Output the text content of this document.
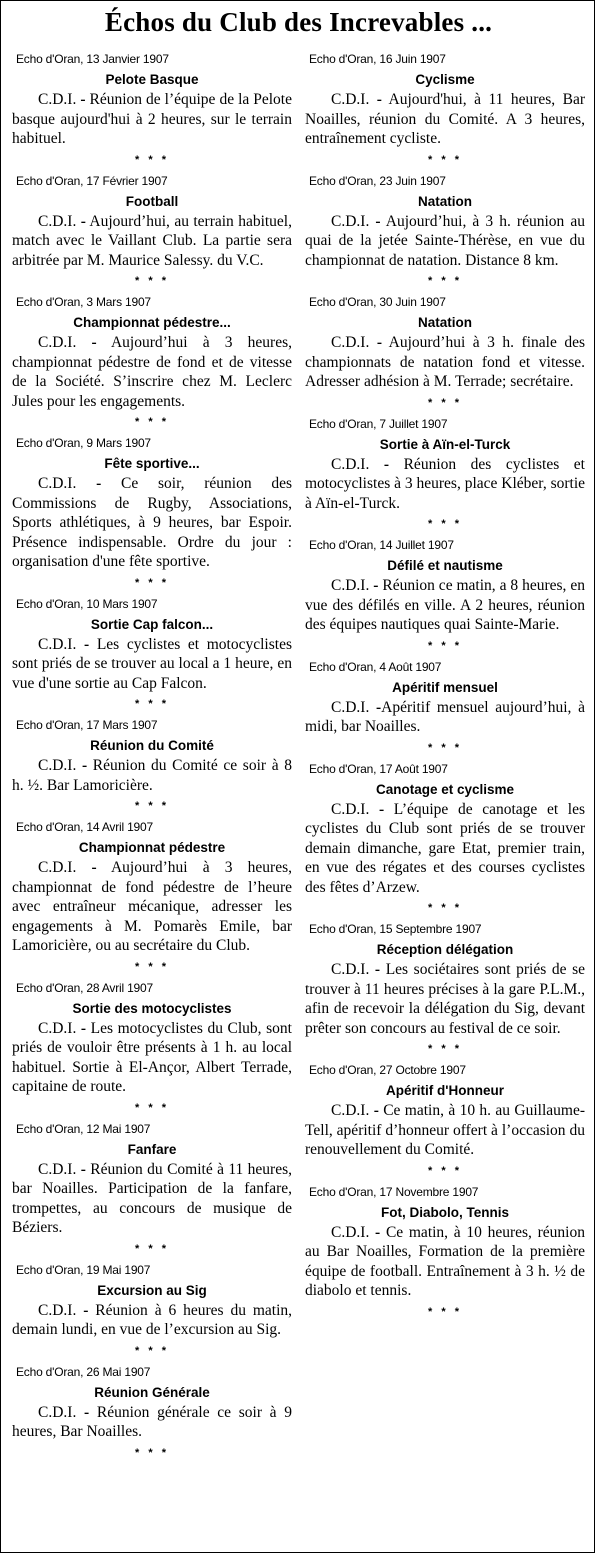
Échos du Club des Increvables ...
Echo d'Oran, 13 Janvier 1907
Pelote Basque

C.D.I. - Réunion de l’équipe de la Pelote basque aujourd'hui à 2 heures, sur le terrain habituel.

* * *
Echo d'Oran, 17 Février 1907
Football

C.D.I. - Aujourd’hui, au terrain habituel, match avec le Vaillant Club. La partie sera arbitrée par M. Maurice Salessy. du V.C.

* * *
Echo d'Oran, 3 Mars 1907
Championnat pédestre...

C.D.I. - Aujourd’hui à 3 heures, championnat pédestre de fond et de vitesse de la Société. S’inscrire chez M. Leclerc Jules pour les engagements.

* * *
Echo d'Oran, 9 Mars 1907
Fête sportive...

C.D.I. - Ce soir, réunion des Commissions de Rugby, Associations, Sports athlétiques, à 9 heures, bar Espoir. Présence indispensable. Ordre du jour : organisation d'une fête sportive.

* * *
Echo d'Oran, 10 Mars 1907
Sortie Cap falcon...

C.D.I. - Les cyclistes et motocyclistes sont priés de se trouver au local a 1 heure, en vue d'une sortie au Cap Falcon.

* * *
Echo d'Oran, 17 Mars 1907
Réunion du Comité

C.D.I. - Réunion du Comité ce soir à 8 h. ½. Bar Lamoricière.

* * *
Echo d'Oran, 14 Avril 1907
Championnat pédestre

C.D.I. - Aujourd’hui à 3 heures, championnat de fond pédestre de l’heure avec entraîneur mécanique, adresser les engagements à M. Pomarès Emile, bar Lamoricière, ou au secrétaire du Club.

* * *
Echo d'Oran, 28 Avril 1907
Sortie des motocyclistes

C.D.I. - Les motocyclistes du Club, sont priés de vouloir être présents à 1 h. au local habituel. Sortie à El-Ançor, Albert Terrade, capitaine de route.

* * *
Echo d'Oran, 12 Mai 1907
Fanfare

C.D.I. - Réunion du Comité à 11 heures, bar Noailles. Participation de la fanfare, trompettes, au concours de musique de Béziers.

* * *
Echo d'Oran, 19 Mai 1907
Excursion au Sig

C.D.I. - Réunion à 6 heures du matin, demain lundi, en vue de l’excursion au Sig.

* * *
Echo d'Oran, 26 Mai 1907
Réunion Générale

C.D.I. - Réunion générale ce soir à 9 heures, Bar Noailles.

* * *
Echo d'Oran, 16 Juin 1907
Cyclisme

C.D.I. - Aujourd'hui, à 11 heures, Bar Noailles, réunion du Comité. A 3 heures, entraînement cycliste.

* * *
Echo d'Oran, 23 Juin 1907
Natation

C.D.I. - Aujourd’hui, à 3 h. réunion au quai de la jetée Sainte-Thérèse, en vue du championnat de natation. Distance 8 km.

* * *
Echo d'Oran, 30 Juin 1907
Natation

C.D.I. - Aujourd’hui à 3 h. finale des championnats de natation fond et vitesse. Adresser adhésion à M. Terrade; secrétaire.

* * *
Echo d'Oran, 7 Juillet 1907
Sortie à Aïn-el-Turck

C.D.I. - Réunion des cyclistes et motocyclistes à 3 heures, place Kléber, sortie à Aïn-el-Turck.

* * *
Echo d'Oran, 14 Juillet 1907
Défilé et nautisme

C.D.I. - Réunion ce matin, a 8 heures, en vue des défilés en ville. A 2 heures, réunion des équipes nautiques quai Sainte-Marie.

* * *
Echo d'Oran, 4 Août 1907
Apéritif mensuel

C.D.I. -Apéritif mensuel aujourd’hui, à midi, bar Noailles.

* * *
Echo d'Oran, 17 Août 1907
Canotage et cyclisme

C.D.I. - L’équipe de canotage et les cyclistes du Club sont priés de se trouver demain dimanche, gare Etat, premier train, en vue des régates et des courses cyclistes des fêtes d’Arzew.

* * *
Echo d'Oran, 15 Septembre 1907
Réception délégation

C.D.I. - Les sociétaires sont priés de se trouver à 11 heures précises à la gare P.L.M., afin de recevoir la délégation du Sig, devant prêter son concours au festival de ce soir.

* * *
Echo d'Oran, 27 Octobre 1907
Apéritif d'Honneur

C.D.I. - Ce matin, à 10 h. au Guillaume-Tell, apéritif d’honneur offert à l’occasion du renouvellement du Comité.

* * *
Echo d'Oran, 17 Novembre 1907
Fot, Diabolo, Tennis

C.D.I. - Ce matin, à 10 heures, réunion au Bar Noailles, Formation de la première équipe de football. Entraînement à 3 h. ½ de diabolo et tennis.

* * *
